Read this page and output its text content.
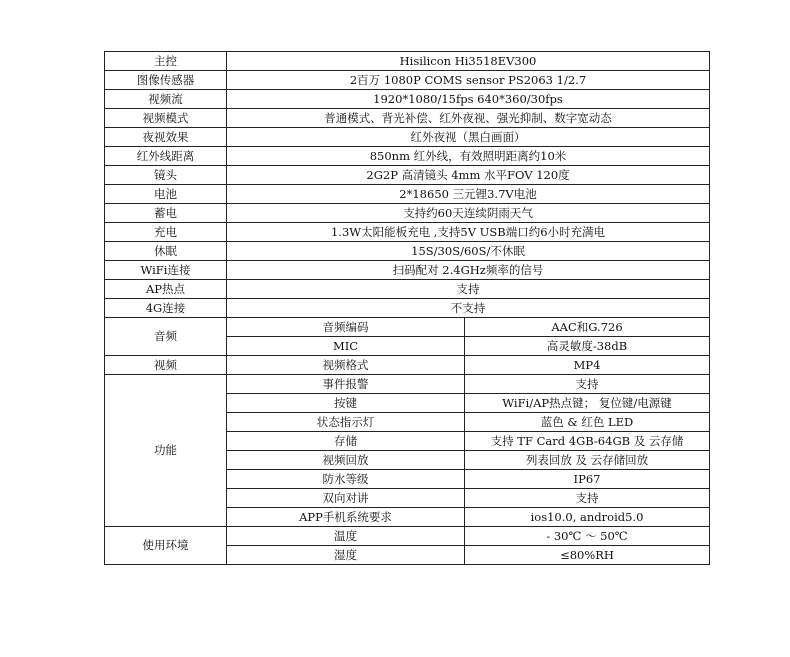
主控	Hisilicon Hi3518EV300	
图像传感器	2百万 1080P COMS sensor PS2063 1/2.7	
视频流	1920*1080/15fps 640*360/30fps	
视频模式	普通模式、背光补偿、红外夜视、强光抑制、数字宽动态	
夜视效果	红外夜视（黑白画面）	
红外线距离	850nm 红外线，有效照明距离约10米	
镜头	2G2P 高清镜头 4mm 水平FOV 120度	
电池	2*18650 三元锂3.7V电池	
蓄电	支持约60天连续阴雨天气	
充电	1.3W太阳能板充电 ,支持5V USB端口约6小时充满电	
休眠	15S/30S/60S/不休眠	
WiFi连接	扫码配对 2.4GHz频率的信号	
AP热点	支持	
4G连接	不支持	
音频	音频编码	AAC和G.726
	MIC	高灵敏度-38dB
视频	视频格式	MP4
功能	事件报警	支持
	按键	WiFi/AP热点键； 复位键/电源键
	状态指示灯	蓝色 & 红色 LED
	存储	支持 TF Card 4GB-64GB 及 云存储
	视频回放	列表回放 及 云存储回放
	防水等级	IP67
	双向对讲	支持
	APP手机系统要求	ios10.0, android5.0
使用环境	温度	- 30℃ ～ 50℃
	湿度	≤80%RH
